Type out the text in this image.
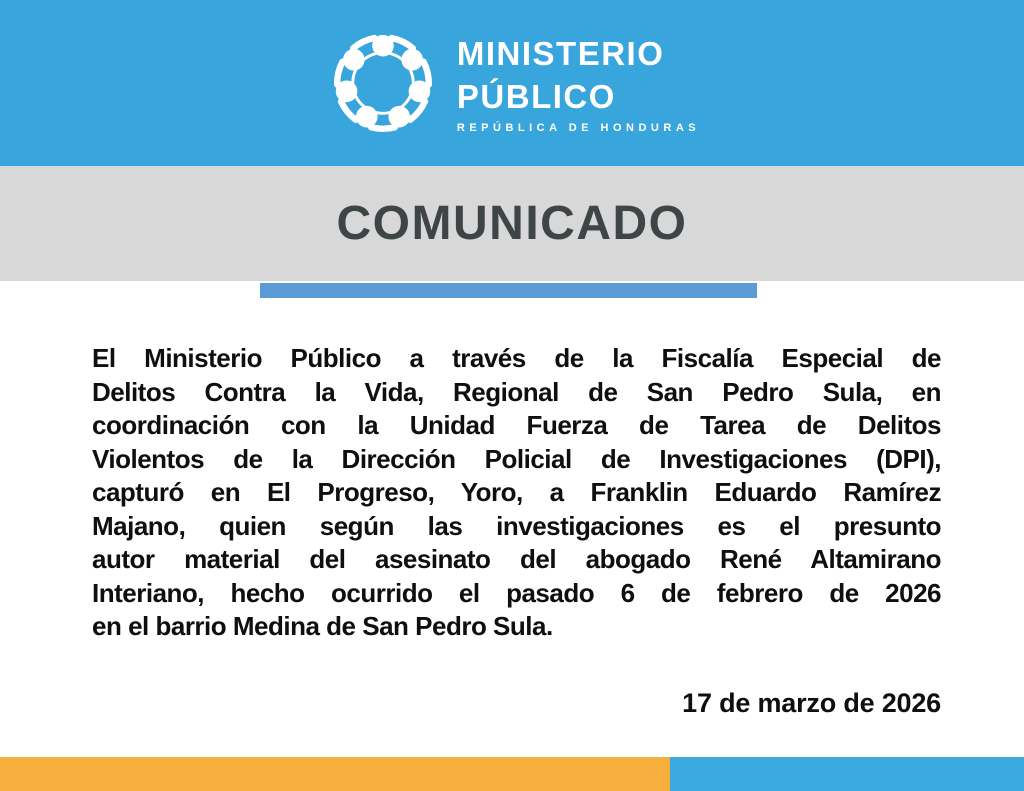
MINISTERIO
PÚBLICO
REPÚBLICA DE HONDURAS
COMUNICADO
El Ministerio Público a través de la Fiscalía Especial de
Delitos Contra la Vida, Regional de San Pedro Sula, en
coordinación con la Unidad Fuerza de Tarea de Delitos
Violentos de la Dirección Policial de Investigaciones (DPI),
capturó en El Progreso, Yoro, a Franklin Eduardo Ramírez
Majano, quien según las investigaciones es el presunto
autor material del asesinato del abogado René Altamirano
Interiano, hecho ocurrido el pasado 6 de febrero de 2026
en el barrio Medina de San Pedro Sula.
17 de marzo de 2026
